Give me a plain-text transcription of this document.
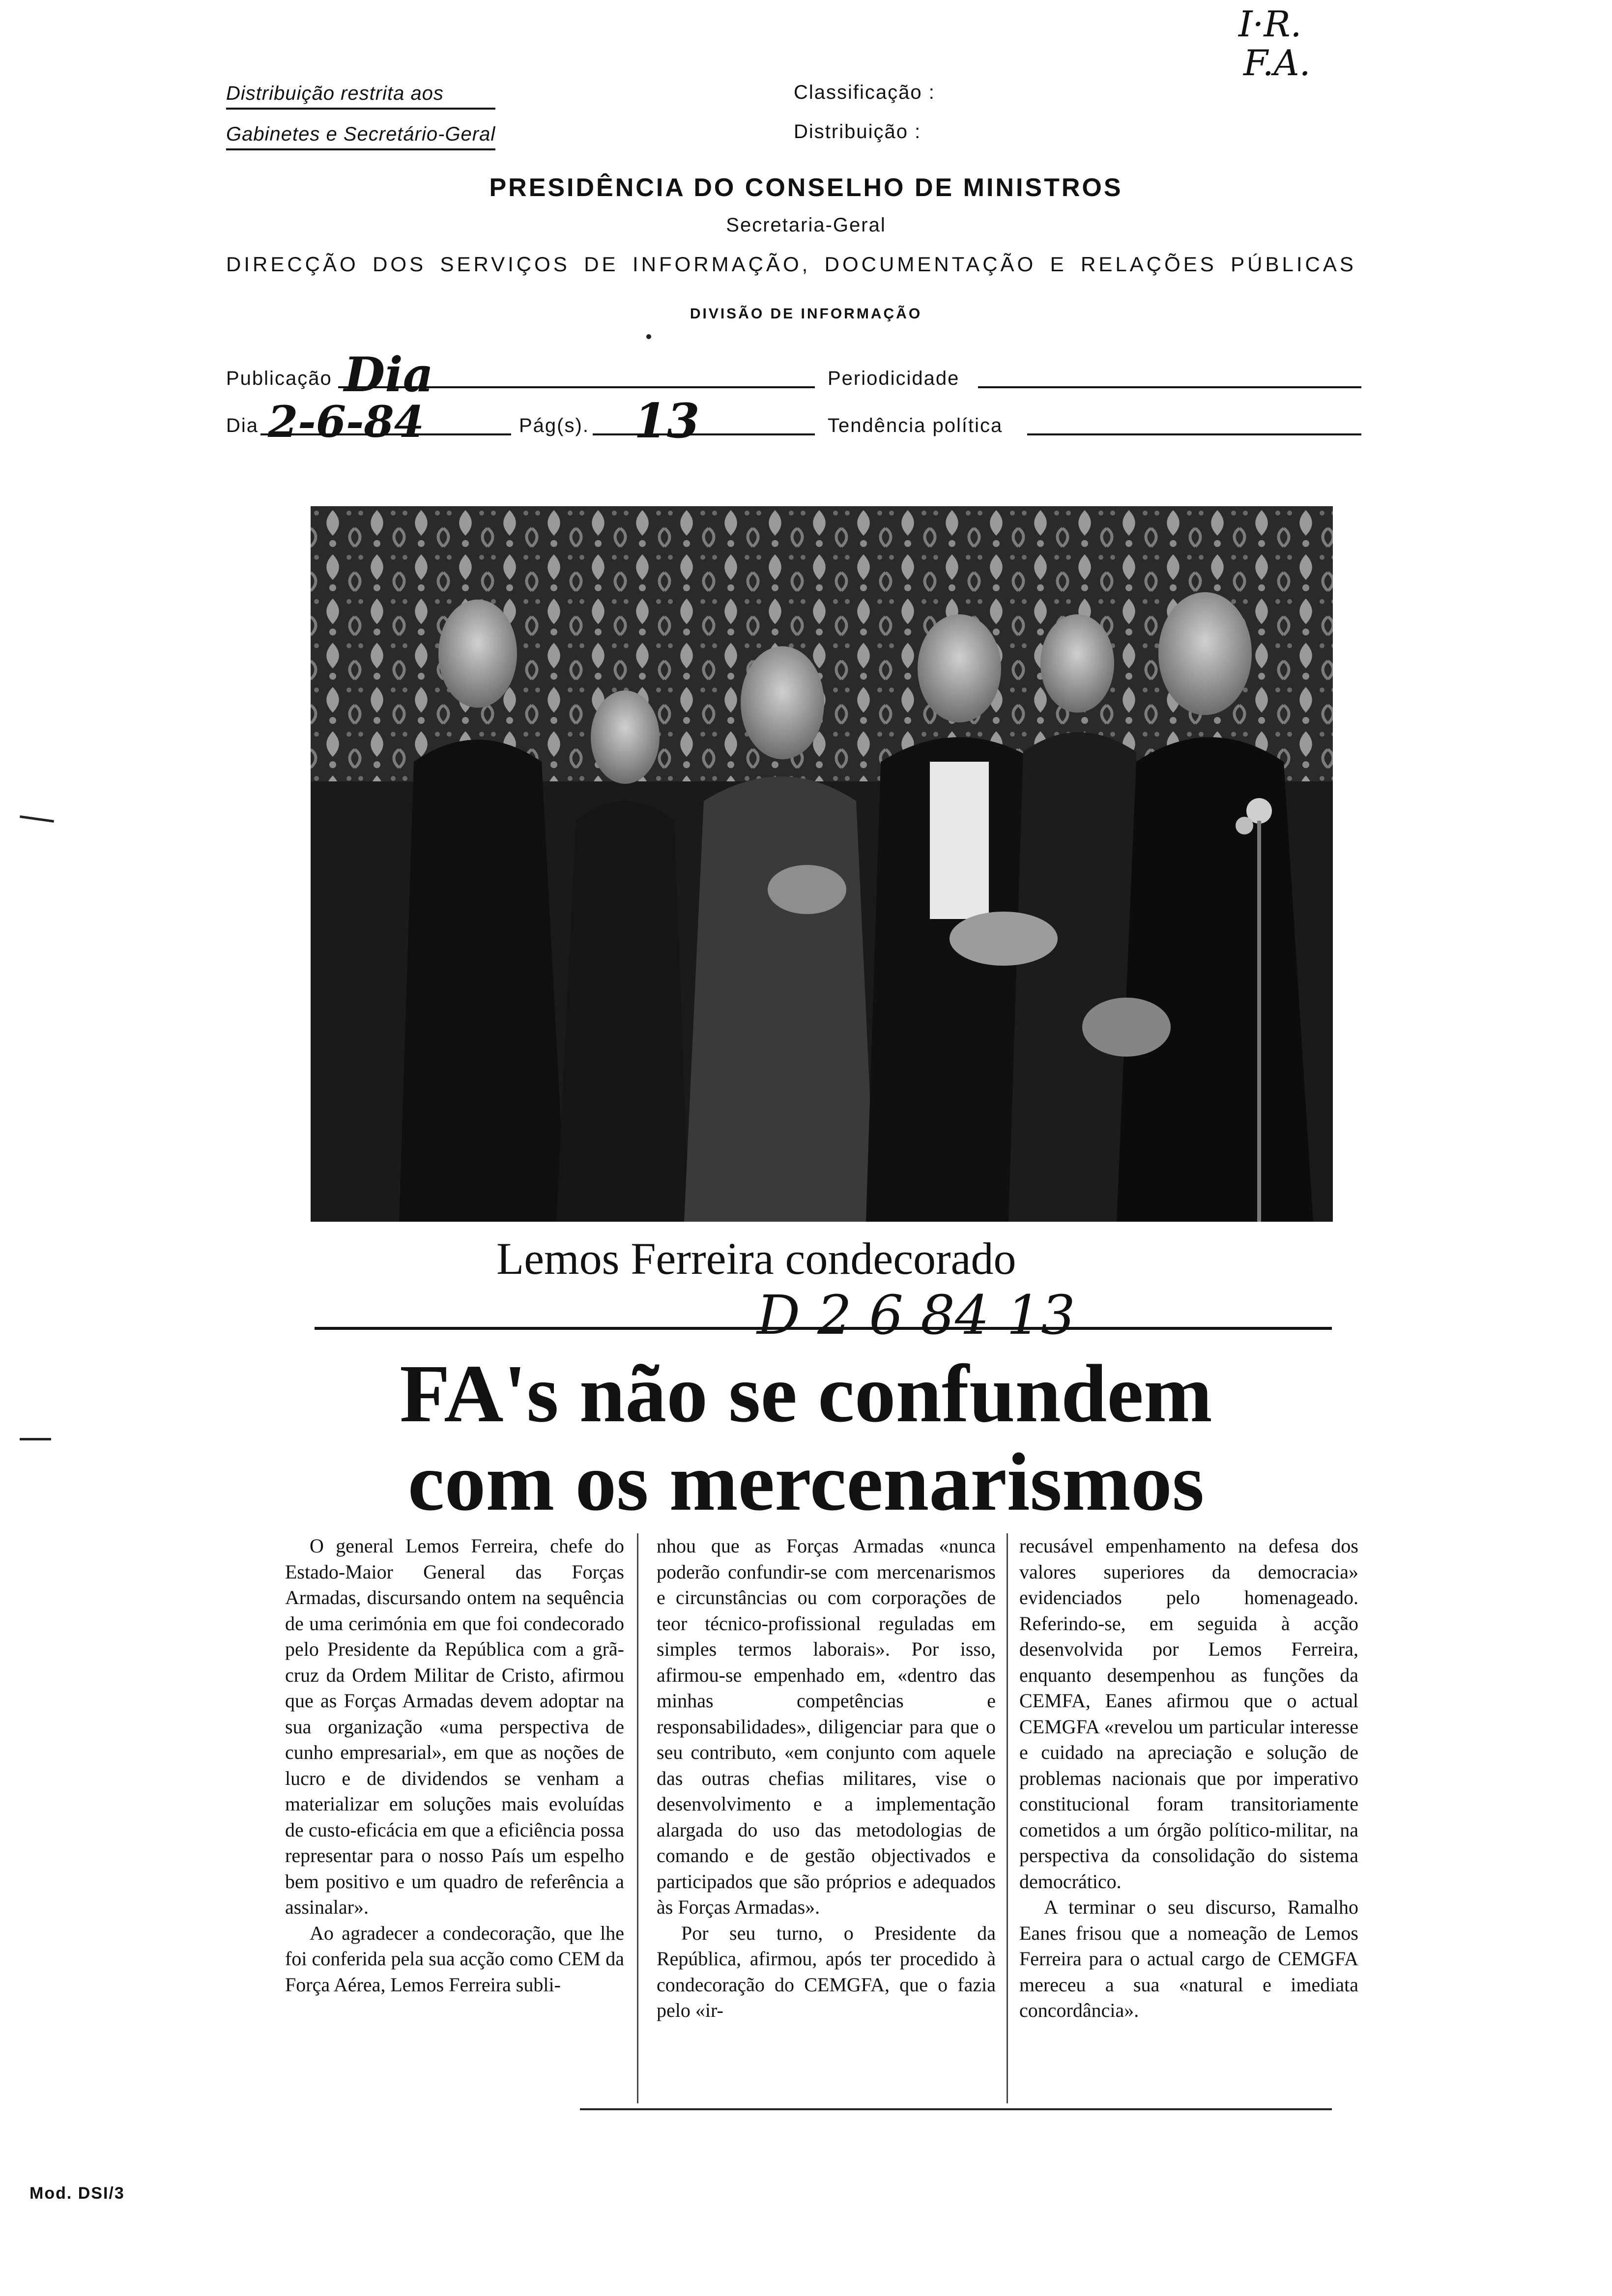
Distribuição restrita aos
Gabinetes e Secretário-Geral
Classificação :
Distribuição :
I·R.
F.A.
PRESIDÊNCIA DO CONSELHO DE MINISTROS
Secretaria-Geral
DIRECÇÃO DOS SERVIÇOS DE INFORMAÇÃO, DOCUMENTAÇÃO E RELAÇÕES PÚBLICAS
DIVISÃO DE INFORMAÇÃO
Publicação Dia	Periodicidade
Dia 2-6-84	Pág(s). 13	Tendência política
Lemos Ferreira condecorado
D 2 6 84 13
FA's não se confundem
com os mercenarismos

O general Lemos Ferreira, chefe do Estado-Maior General das Forças Armadas, discursando ontem na sequência de uma cerimónia em que foi condecorado pelo Presidente da República com a grã-cruz da Ordem Militar de Cristo, afirmou que as Forças Armadas devem adoptar na sua organização «uma perspectiva de cunho empresarial», em que as noções de lucro e de dividendos se venham a materializar em soluções mais evoluídas de custo-eficácia em que a eficiência possa representar para o nosso País um espelho bem positivo e um quadro de referência a assinalar».

Ao agradecer a condecoração, que lhe foi conferida pela sua acção como CEM da Força Aérea, Lemos Ferreira subli-

nhou que as Forças Armadas «nunca poderão confundir-se com mercenarismos e circunstâncias ou com corporações de teor técnico-profissional reguladas em simples termos laborais». Por isso, afirmou-se empenhado em, «dentro das minhas competências e responsabilidades», diligenciar para que o seu contributo, «em conjunto com aquele das outras chefias militares, vise o desenvolvimento e a implementação alargada do uso das metodologias de comando e de gestão objectivados e participados que são próprios e adequados às Forças Armadas».

Por seu turno, o Presidente da República, afirmou, após ter procedido à condecoração do CEMGFA, que o fazia pelo «ir-

recusável empenhamento na defesa dos valores superiores da democracia» evidenciados pelo homenageado. Referindo-se, em seguida à acção desenvolvida por Lemos Ferreira, enquanto desempenhou as funções da CEMFA, Eanes afirmou que o actual CEMGFA «revelou um particular interesse e cuidado na apreciação e solução de problemas nacionais que por imperativo constitucional foram transitoriamente cometidos a um órgão político-militar, na perspectiva da consolidação do sistema democrático.

A terminar o seu discurso, Ramalho Eanes frisou que a nomeação de Lemos Ferreira para o actual cargo de CEMGFA mereceu a sua «natural e imediata concordância».

Mod. DSI/3
